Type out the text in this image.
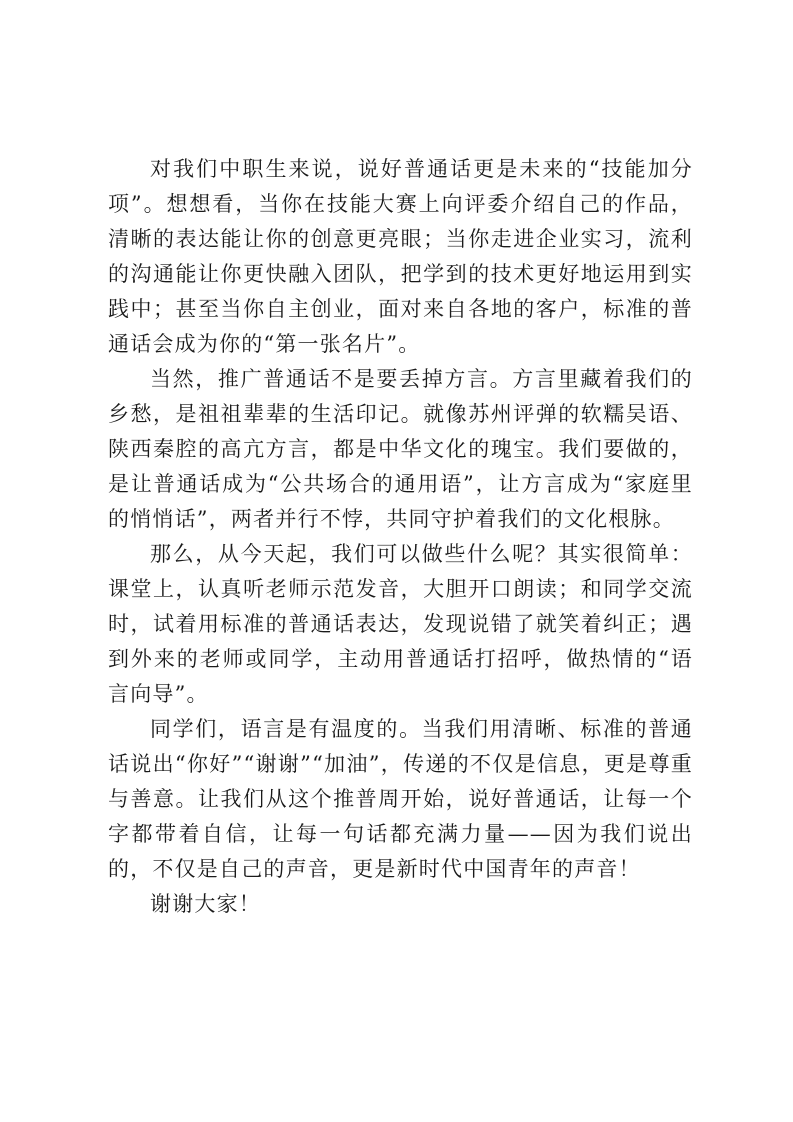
对我们中职生来说，说好普通话更是未来的“技能加分项”。想想看，当你在技能大赛上向评委介绍自己的作品，清晰的表达能让你的创意更亮眼；当你走进企业实习，流利的沟通能让你更快融入团队，把学到的技术更好地运用到实践中；甚至当你自主创业，面对来自各地的客户，标准的普通话会成为你的“第一张名片”。

当然，推广普通话不是要丢掉方言。方言里藏着我们的乡愁，是祖祖辈辈的生活印记。就像苏州评弹的软糯吴语、陕西秦腔的高亢方言，都是中华文化的瑰宝。我们要做的，是让普通话成为“公共场合的通用语”，让方言成为“家庭里的悄悄话”，两者并行不悖，共同守护着我们的文化根脉。

那么，从今天起，我们可以做些什么呢？其实很简单：课堂上，认真听老师示范发音，大胆开口朗读；和同学交流时，试着用标准的普通话表达，发现说错了就笑着纠正；遇到外来的老师或同学，主动用普通话打招呼，做热情的“语言向导”。

同学们，语言是有温度的。当我们用清晰、标准的普通话说出“你好”“谢谢”“加油”，传递的不仅是信息，更是尊重与善意。让我们从这个推普周开始，说好普通话，让每一个字都带着自信，让每一句话都充满力量——因为我们说出的，不仅是自己的声音，更是新时代中国青年的声音！

谢谢大家！
